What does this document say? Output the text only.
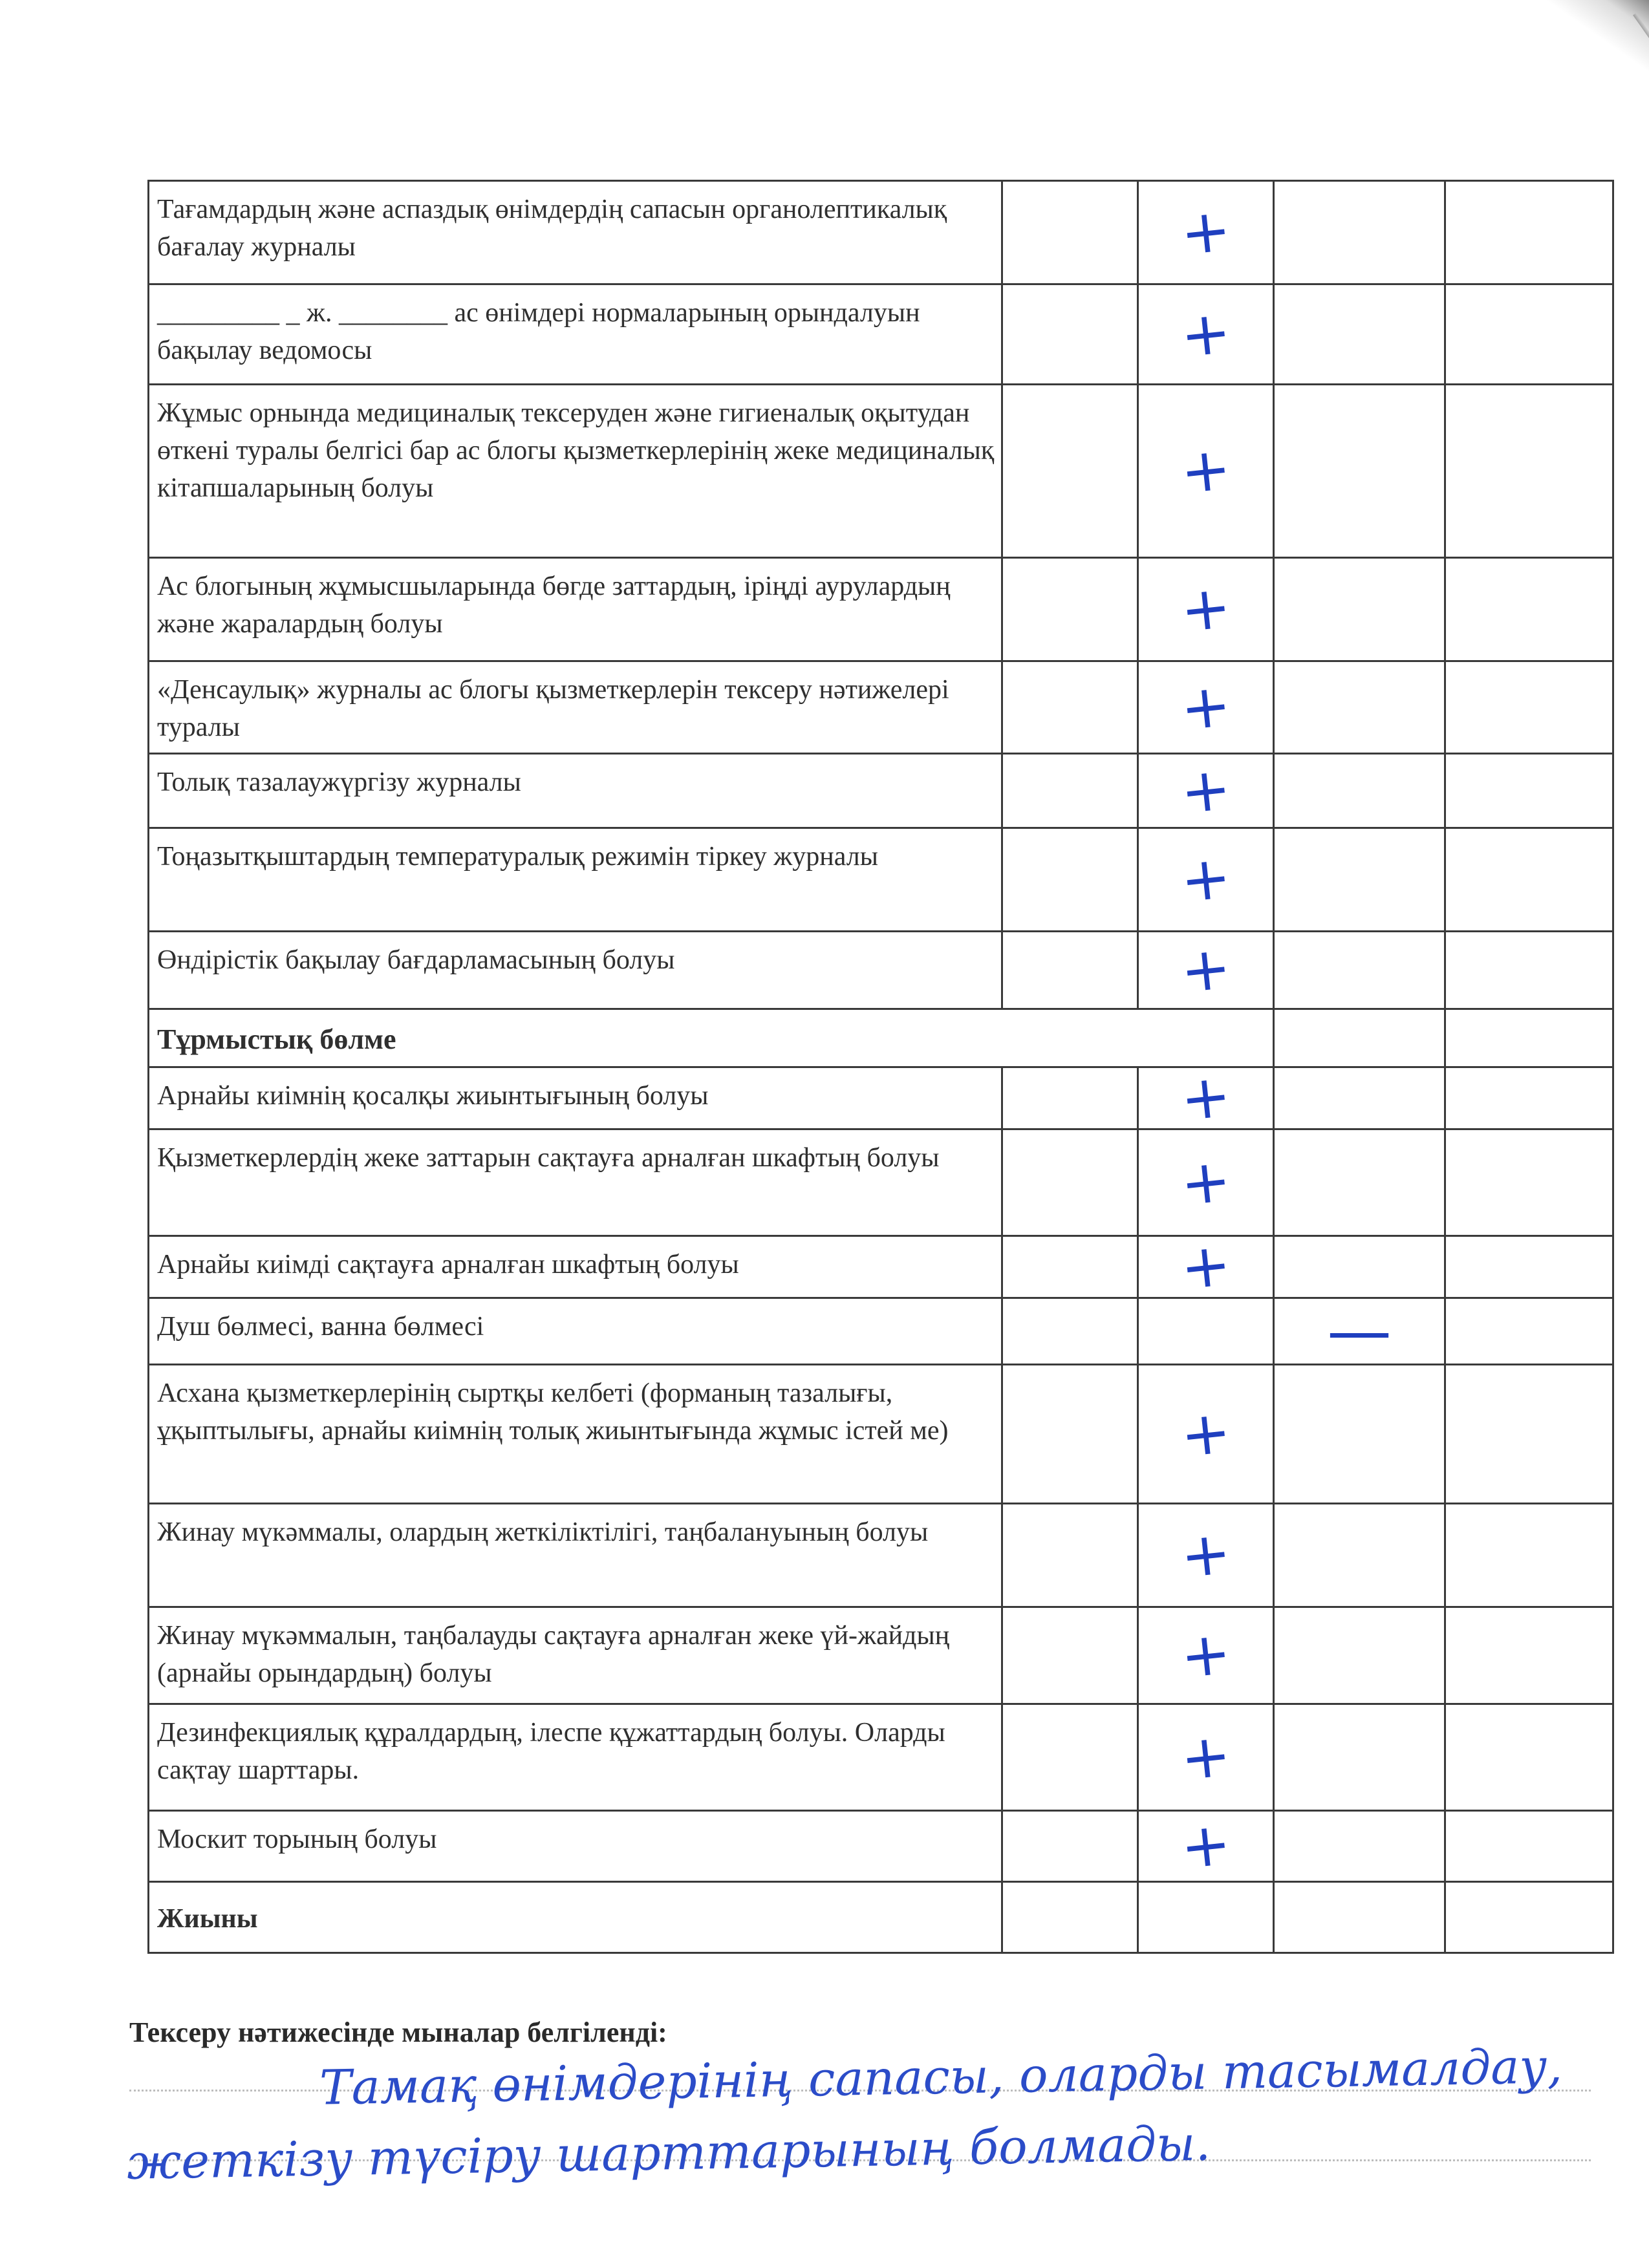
Тағамдардың және аспаздық өнімдердің сапасын органолептикалық бағалау журналы		+		
_________ _ ж. ________ ас өнімдері нормаларының орындалуын бақылау ведомосы		+		
Жұмыс орнында медициналық тексеруден және гигиеналық оқытудан өткені туралы белгісі бар ас блогы қызметкерлерінің жеке медициналық кітапшаларының болуы		+		
Ас блогының жұмысшыларында бөгде заттардың, іріңді аурулардың және жаралардың болуы		+		
«Денсаулық» журналы ас блогы қызметкерлерін тексеру нәтижелері туралы		+		
Толық тазалаужүргізу журналы		+		
Тоңазытқыштардың температуралық режимін тіркеу журналы		+		
Өндірістік бақылау бағдарламасының болуы		+		
Тұрмыстық бөлме				
Арнайы киімнің қосалқы жиынтығының болуы		+		
Қызметкерлердің жеке заттарын сақтауға арналған шкафтың болуы		+		
Арнайы киімді сақтауға арналған шкафтың болуы		+		
Душ бөлмесі, ванна бөлмесі			—	
Асхана қызметкерлерінің сыртқы келбеті (форманың тазалығы, ұқыптылығы, арнайы киімнің толық жиынтығында жұмыс істей ме)		+		
Жинау мүкәммалы, олардың жеткіліктілігі, таңбалануының болуы		+		
Жинау мүкәммалын, таңбалауды сақтауға арналған жеке үй-жайдың (арнайы орындардың) болуы		+		
Дезинфекциялық құралдардың, ілеспе құжаттардың болуы. Оларды сақтау шарттары.		+		
Москит торының болуы		+		
Жиыны				
Тексеру нәтижесінде мыналар белгіленді:
Тамақ өнімдерінің сапасы, оларды тасымалдау,
жеткізу түсіру шарттарының болмады.
